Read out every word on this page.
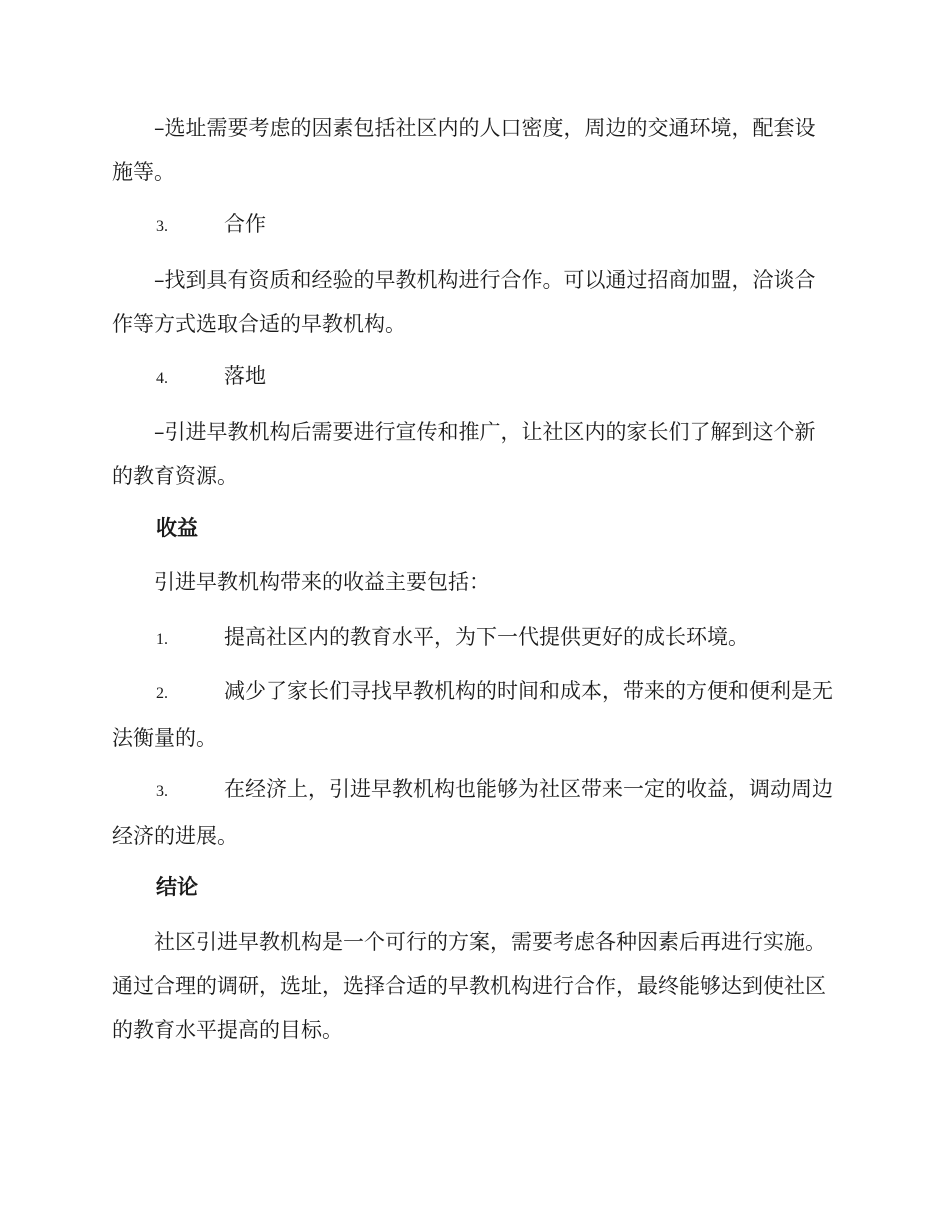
–选址需要考虑的因素包括社区内的人口密度，周边的交通环境，配套设施等。

3.	合作

–找到具有资质和经验的早教机构进行合作。可以通过招商加盟，洽谈合作等方式选取合适的早教机构。

4.	落地

–引进早教机构后需要进行宣传和推广，让社区内的家长们了解到这个新的教育资源。

收益

引进早教机构带来的收益主要包括：

1.	提高社区内的教育水平，为下一代提供更好的成长环境。

2.	减少了家长们寻找早教机构的时间和成本，带来的方便和便利是无法衡量的。

3.	在经济上，引进早教机构也能够为社区带来一定的收益，调动周边经济的进展。

结论

社区引进早教机构是一个可行的方案，需要考虑各种因素后再进行实施。通过合理的调研，选址，选择合适的早教机构进行合作，最终能够达到使社区的教育水平提高的目标。
